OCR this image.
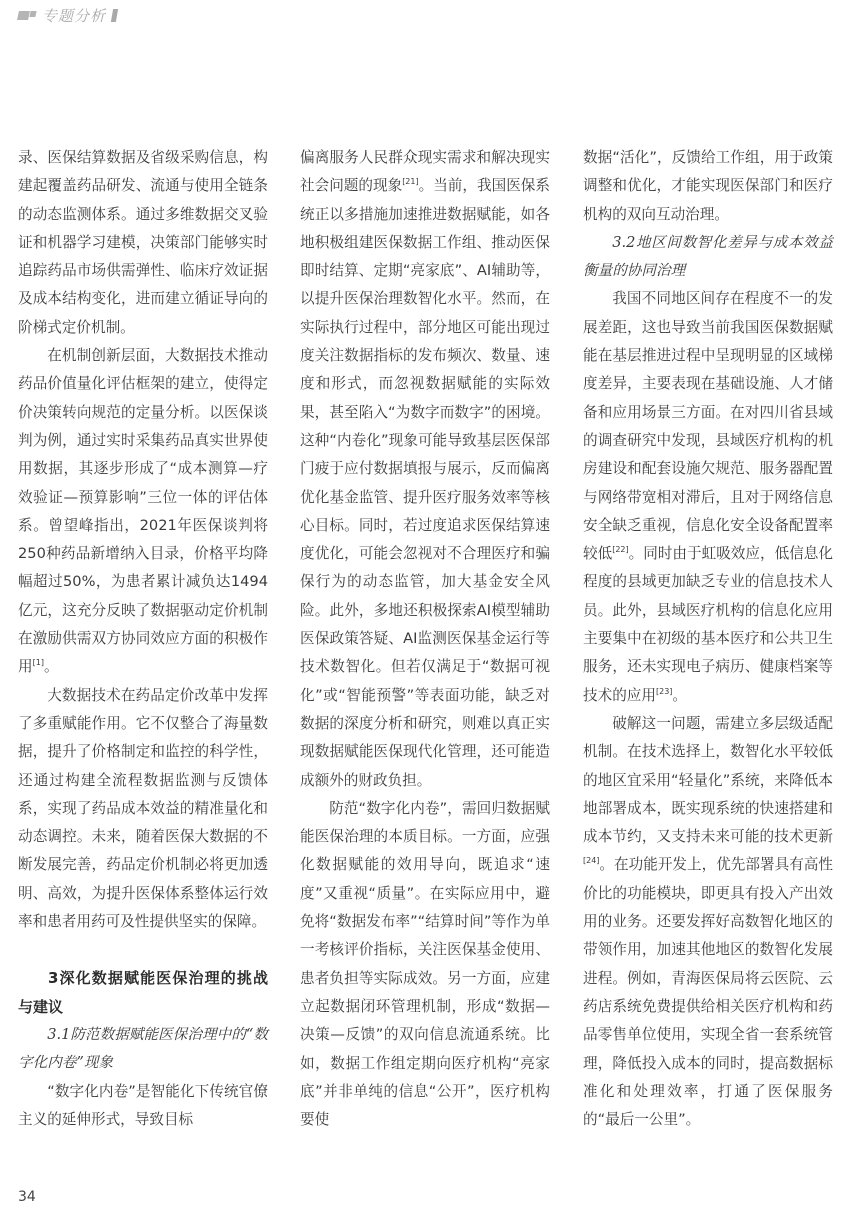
专题分析

录、医保结算数据及省级采购信息，构建起覆盖药品研发、流通与使用全链条的动态监测体系。通过多维数据交叉验证和机器学习建模，决策部门能够实时追踪药品市场供需弹性、临床疗效证据及成本结构变化，进而建立循证导向的阶梯式定价机制。

在机制创新层面，大数据技术推动药品价值量化评估框架的建立，使得定价决策转向规范的定量分析。以医保谈判为例，通过实时采集药品真实世界使用数据，其逐步形成了“成本测算—疗效验证—预算影响”三位一体的评估体系。曾望峰指出，2021年医保谈判将250种药品新增纳入目录，价格平均降幅超过50%，为患者累计减负达1494亿元，这充分反映了数据驱动定价机制在激励供需双方协同效应方面的积极作用[1]。

大数据技术在药品定价改革中发挥了多重赋能作用。它不仅整合了海量数据，提升了价格制定和监控的科学性，还通过构建全流程数据监测与反馈体系，实现了药品成本效益的精准量化和动态调控。未来，随着医保大数据的不断发展完善，药品定价机制必将更加透明、高效，为提升医保体系整体运行效率和患者用药可及性提供坚实的保障。

3深化数据赋能医保治理的挑战与建议

3.1防范数据赋能医保治理中的“数字化内卷”现象

“数字化内卷”是智能化下传统官僚主义的延伸形式，导致目标

偏离服务人民群众现实需求和解决现实社会问题的现象[21]。当前，我国医保系统正以多措施加速推进数据赋能，如各地积极组建医保数据工作组、推动医保即时结算、定期“亮家底”、AI辅助等，以提升医保治理数智化水平。然而，在实际执行过程中，部分地区可能出现过度关注数据指标的发布频次、数量、速度和形式，而忽视数据赋能的实际效果，甚至陷入“为数字而数字”的困境。这种“内卷化”现象可能导致基层医保部门疲于应付数据填报与展示，反而偏离优化基金监管、提升医疗服务效率等核心目标。同时，若过度追求医保结算速度优化，可能会忽视对不合理医疗和骗保行为的动态监管，加大基金安全风险。此外，多地还积极探索AI模型辅助医保政策答疑、AI监测医保基金运行等技术数智化。但若仅满足于“数据可视化”或“智能预警”等表面功能，缺乏对数据的深度分析和研究，则难以真正实现数据赋能医保现代化管理，还可能造成额外的财政负担。

防范“数字化内卷”，需回归数据赋能医保治理的本质目标。一方面，应强化数据赋能的效用导向，既追求“速度”又重视“质量”。在实际应用中，避免将“数据发布率”“结算时间”等作为单一考核评价指标，关注医保基金使用、患者负担等实际成效。另一方面，应建立起数据闭环管理机制，形成“数据—决策—反馈”的双向信息流通系统。比如，数据工作组定期向医疗机构“亮家底”并非单纯的信息“公开”，医疗机构要使

数据“活化”，反馈给工作组，用于政策调整和优化，才能实现医保部门和医疗机构的双向互动治理。

3.2地区间数智化差异与成本效益衡量的协同治理

我国不同地区间存在程度不一的发展差距，这也导致当前我国医保数据赋能在基层推进过程中呈现明显的区域梯度差异，主要表现在基础设施、人才储备和应用场景三方面。在对四川省县域的调查研究中发现，县域医疗机构的机房建设和配套设施欠规范、服务器配置与网络带宽相对滞后，且对于网络信息安全缺乏重视，信息化安全设备配置率较低[22]。同时由于虹吸效应，低信息化程度的县域更加缺乏专业的信息技术人员。此外，县域医疗机构的信息化应用主要集中在初级的基本医疗和公共卫生服务，还未实现电子病历、健康档案等技术的应用[23]。

破解这一问题，需建立多层级适配机制。在技术选择上，数智化水平较低的地区宜采用“轻量化”系统，来降低本地部署成本，既实现系统的快速搭建和成本节约，又支持未来可能的技术更新[24]。在功能开发上，优先部署具有高性价比的功能模块，即更具有投入产出效用的业务。还要发挥好高数智化地区的带领作用，加速其他地区的数智化发展进程。例如，青海医保局将云医院、云药店系统免费提供给相关医疗机构和药品零售单位使用，实现全省一套系统管理，降低投入成本的同时，提高数据标准化和处理效率，打通了医保服务的“最后一公里”。

34
